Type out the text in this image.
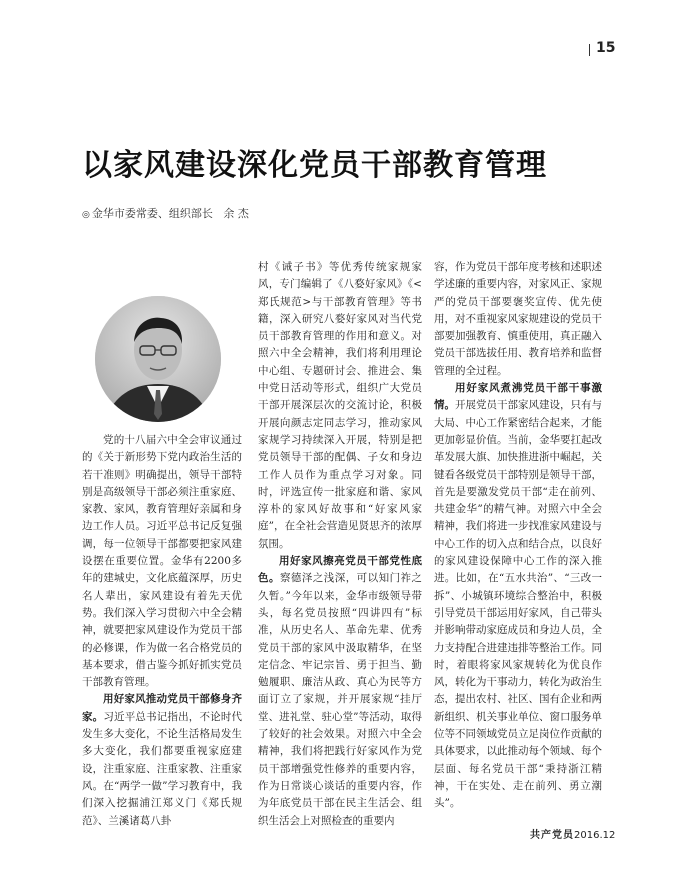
15
以家风建设深化党员干部教育管理
◎ 金华市委常委、组织部长 余 杰

党的十八届六中全会审议通过的《关于新形势下党内政治生活的若干准则》明确提出，领导干部特别是高级领导干部必须注重家庭、家教、家风，教育管理好亲属和身边工作人员。习近平总书记反复强调，每一位领导干部都要把家风建设摆在重要位置。金华有2200多年的建城史，文化底蕴深厚，历史名人辈出，家风建设有着先天优势。我们深入学习贯彻六中全会精神，就要把家风建设作为党员干部的必修课，作为做一名合格党员的基本要求，借古鉴今抓好抓实党员干部教育管理。

用好家风推动党员干部修身齐家。习近平总书记指出，不论时代发生多大变化，不论生活格局发生多大变化，我们都要重视家庭建设，注重家庭、注重家教、注重家风。在“两学一做”学习教育中，我们深入挖掘浦江郑义门《郑氏规范》、兰溪诸葛八卦

村《诫子书》等优秀传统家规家风，专门编辑了《八婺好家风》《<郑氏规范>与干部教育管理》等书籍，深入研究八婺好家风对当代党员干部教育管理的作用和意义。对照六中全会精神，我们将利用理论中心组、专题研讨会、推进会、集中党日活动等形式，组织广大党员干部开展深层次的交流讨论，积极开展向颜志定同志学习，推动家风家规学习持续深入开展，特别是把党员领导干部的配偶、子女和身边工作人员作为重点学习对象。同时，评选宣传一批家庭和谐、家风淳朴的家风好故事和“好家风家庭”，在全社会营造见贤思齐的浓厚氛围。

用好家风擦亮党员干部党性底色。察德泽之浅深，可以知门祚之久暂。”今年以来，金华市级领导带头，每名党员按照“四讲四有”标准，从历史名人、革命先辈、优秀党员干部的家风中汲取精华，在坚定信念、牢记宗旨、勇于担当、勤勉履职、廉洁从政、真心为民等方面订立了家规，并开展家规“挂厅堂、进礼堂、驻心堂”等活动，取得了较好的社会效果。对照六中全会精神，我们将把践行好家风作为党员干部增强党性修养的重要内容，作为日常谈心谈话的重要内容，作为年底党员干部在民主生活会、组织生活会上对照检查的重要内

容，作为党员干部年度考核和述职述学述廉的重要内容，对家风正、家规严的党员干部要褒奖宣传、优先使用，对不重视家风家规建设的党员干部要加强教育、慎重使用，真正融入党员干部选拔任用、教育培养和监督管理的全过程。

用好家风煮沸党员干部干事激情。开展党员干部家风建设，只有与大局、中心工作紧密结合起来，才能更加彰显价值。当前，金华要扛起改革发展大旗、加快推进浙中崛起，关键看各级党员干部特别是领导干部，首先是要激发党员干部“走在前列、共建金华”的精气神。对照六中全会精神，我们将进一步找准家风建设与中心工作的切入点和结合点，以良好的家风建设保障中心工作的深入推进。比如，在“五水共治”、“三改一拆”、小城镇环境综合整治中，积极引导党员干部运用好家风，自己带头并影响带动家庭成员和身边人员，全力支持配合进建违排等整治工作。同时，着眼将家风家规转化为优良作风，转化为干事动力，转化为政治生态，提出农村、社区、国有企业和两新组织、机关事业单位、窗口服务单位等不同领域党员立足岗位作贡献的具体要求，以此推动每个领域、每个层面、每名党员干部“秉持浙江精神，干在实处、走在前列、勇立潮头”。

共产党员2016.12
